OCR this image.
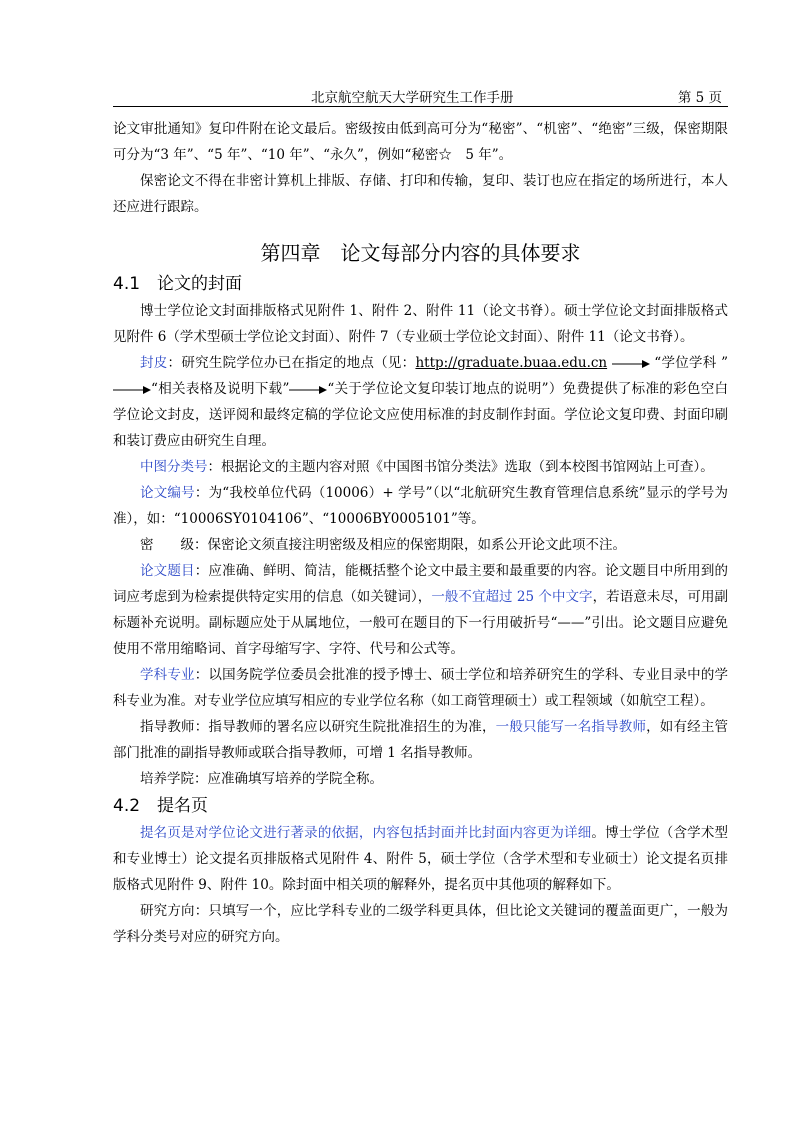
北京航空航天大学研究生工作手册	第 5 页

论文审批通知》复印件附在论文最后。密级按由低到高可分为“秘密”、“机密”、“绝密”三级，保密期限可分为“3 年”、“5 年”、“10 年”、“永久”，例如“秘密☆　5 年”。

保密论文不得在非密计算机上排版、存储、打印和传输，复印、装订也应在指定的场所进行，本人还应进行跟踪。

第四章　论文每部分内容的具体要求
4.1 论文的封面

博士学位论文封面排版格式见附件 1、附件 2、附件 11（论文书脊）。硕士学位论文封面排版格式见附件 6（学术型硕士学位论文封面）、附件 7（专业硕士学位论文封面）、附件 11（论文书脊）。

封皮：研究生院学位办已在指定的地点（见：http://graduate.buaa.edu.cn	“学位学科 ” “相关表格及说明下载”	“关于学位论文复印装订地点的说明”）免费提供了标准的彩色空白学位论文封皮，送评阅和最终定稿的学位论文应使用标准的封皮制作封面。学位论文复印费、封面印刷和装订费应由研究生自理。

中图分类号：根据论文的主题内容对照《中国图书馆分类法》选取（到本校图书馆网站上可查）。

论文编号：为“我校单位代码（10006）+ 学号”（以“北航研究生教育管理信息系统”显示的学号为准），如：“10006SY0104106”、“10006BY0005101”等。

密　　级：保密论文须直接注明密级及相应的保密期限，如系公开论文此项不注。

论文题目：应准确、鲜明、简洁，能概括整个论文中最主要和最重要的内容。论文题目中所用到的词应考虑到为检索提供特定实用的信息（如关键词），一般不宜超过 25 个中文字，若语意未尽，可用副标题补充说明。副标题应处于从属地位，一般可在题目的下一行用破折号“——”引出。论文题目应避免使用不常用缩略词、首字母缩写字、字符、代号和公式等。

学科专业：以国务院学位委员会批准的授予博士、硕士学位和培养研究生的学科、专业目录中的学科专业为准。对专业学位应填写相应的专业学位名称（如工商管理硕士）或工程领域（如航空工程）。

指导教师：指导教师的署名应以研究生院批准招生的为准，一般只能写一名指导教师，如有经主管部门批准的副指导教师或联合指导教师，可增 1 名指导教师。

培养学院：应准确填写培养的学院全称。

4.2 提名页

提名页是对学位论文进行著录的依据，内容包括封面并比封面内容更为详细。博士学位（含学术型和专业博士）论文提名页排版格式见附件 4、附件 5，硕士学位（含学术型和专业硕士）论文提名页排版格式见附件 9、附件 10。除封面中相关项的解释外，提名页中其他项的解释如下。

研究方向：只填写一个，应比学科专业的二级学科更具体，但比论文关键词的覆盖面更广，一般为学科分类号对应的研究方向。
